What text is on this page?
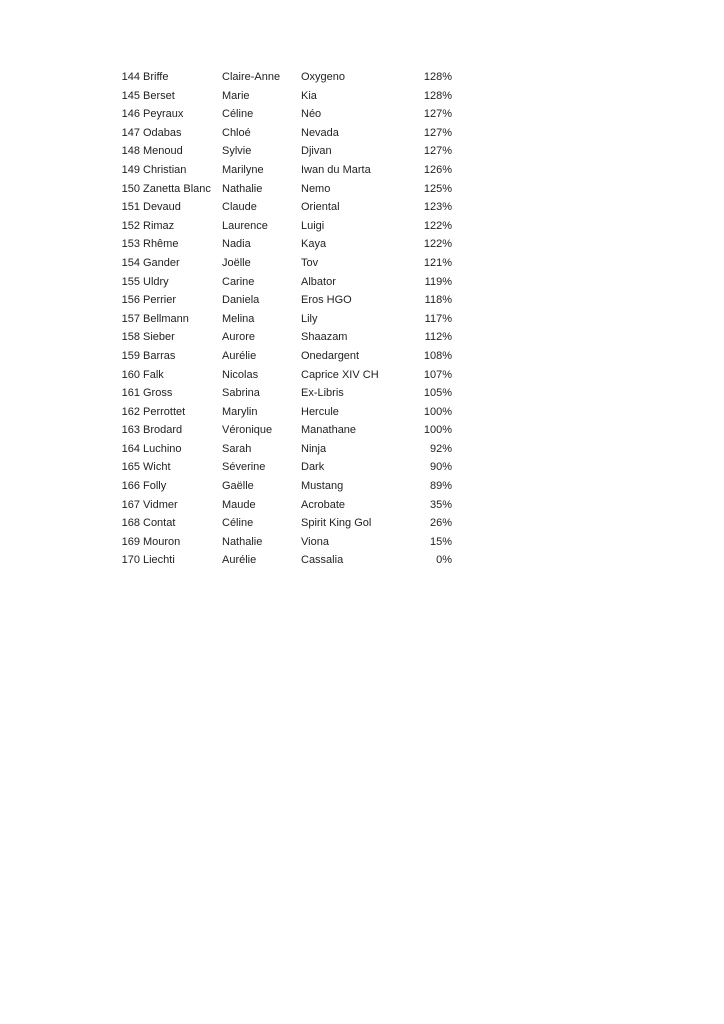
144 Briffe	Claire-Anne	Oxygeno	128%
145 Berset	Marie	Kia	128%
146 Peyraux	Céline	Néo	127%
147 Odabas	Chloé	Nevada	127%
148 Menoud	Sylvie	Djivan	127%
149 Christian	Marilyne	Iwan du Marta	126%
150 Zanetta Blanc	Nathalie	Nemo	125%
151 Devaud	Claude	Oriental	123%
152 Rimaz	Laurence	Luigi	122%
153 Rhême	Nadia	Kaya	122%
154 Gander	Joëlle	Tov	121%
155 Uldry	Carine	Albator	119%
156 Perrier	Daniela	Eros HGO	118%
157 Bellmann	Melina	Lily	117%
158 Sieber	Aurore	Shaazam	112%
159 Barras	Aurélie	Onedargent	108%
160 Falk	Nicolas	Caprice XIV CH	107%
161 Gross	Sabrina	Ex-Libris	105%
162 Perrottet	Marylin	Hercule	100%
163 Brodard	Véronique	Manathane	100%
164 Luchino	Sarah	Ninja	92%
165 Wicht	Séverine	Dark	90%
166 Folly	Gaëlle	Mustang	89%
167 Vidmer	Maude	Acrobate	35%
168 Contat	Céline	Spirit King Gol	26%
169 Mouron	Nathalie	Viona	15%
170 Liechti	Aurélie	Cassalia	0%
